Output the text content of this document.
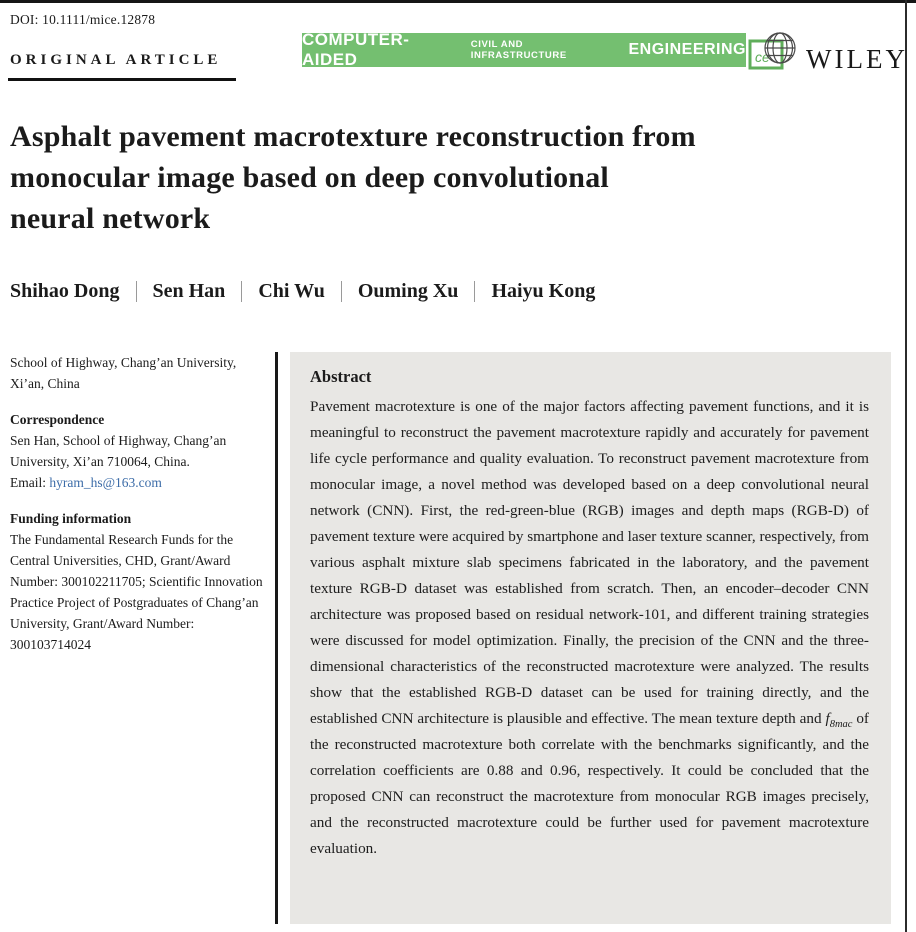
DOI: 10.1111/mice.12878
ORIGINAL ARTICLE
COMPUTER-AIDED
CIVIL AND INFRASTRUCTURE	ENGINEERING ce WILEY
Asphalt pavement macrotexture reconstruction from
monocular image based on deep convolutional
neural network
Shihao Dong Sen Han Chi Wu Ouming Xu Haiyu Kong
School of Highway, Chang’an University, Xi’an, China
Correspondence
Sen Han, School of Highway, Chang’an University, Xi’an 710064, China.
Email: hyram_hs@163.com
Funding information
The Fundamental Research Funds for the Central Universities, CHD, Grant/Award Number: 300102211705; Scientific Innovation Practice Project of Postgraduates of Chang’an University, Grant/Award Number: 300103714024
Abstract
Pavement macrotexture is one of the major factors affecting pavement functions, and it is meaningful to reconstruct the pavement macrotexture rapidly and accurately for pavement life cycle performance and quality evaluation. To reconstruct pavement macrotexture from monocular image, a novel method was developed based on a deep convolutional neural network (CNN). First, the red-green-blue (RGB) images and depth maps (RGB-D) of pavement texture were acquired by smartphone and laser texture scanner, respectively, from various asphalt mixture slab specimens fabricated in the laboratory, and the pavement texture RGB-D dataset was established from scratch. Then, an encoder–decoder CNN architecture was proposed based on residual network-101, and different training strategies were discussed for model optimization. Finally, the precision of the CNN and the three-dimensional characteristics of the reconstructed macrotexture were analyzed. The results show that the established RGB-D dataset can be used for training directly, and the established CNN architecture is plausible and effective. The mean texture depth and $f_{8mac}$ of the reconstructed macrotexture both correlate with the benchmarks significantly, and the correlation coefficients are 0.88 and 0.96, respectively. It could be concluded that the proposed CNN can reconstruct the macrotexture from monocular RGB images precisely, and the reconstructed macrotexture could be further used for pavement macrotexture evaluation.
